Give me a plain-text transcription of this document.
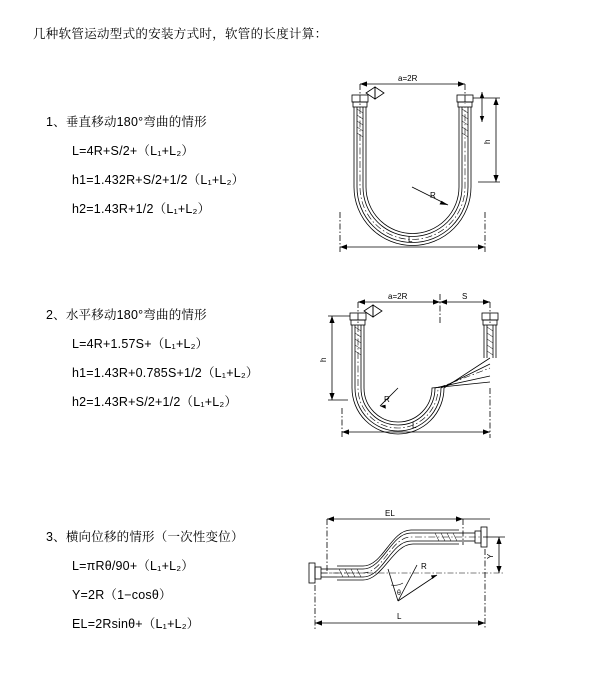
几种软管运动型式的安装方式时，软管的长度计算：
1、垂直移动180°弯曲的情形
L=4R+S/2+（L₁+L₂）
h1=1.432R+S/2+1/2（L₁+L₂）
h2=1.43R+1/2（L₁+L₂）
a=2R
R
h
L
2、水平移动180°弯曲的情形
L=4R+1.57S+（L₁+L₂）
h1=1.43R+0.785S+1/2（L₁+L₂）
h2=1.43R+S/2+1/2（L₁+L₂）
a=2R	S
R
h
L
3、横向位移的情形（一次性变位）
L=πRθ/90+（L₁+L₂）
Y=2R（1−cosθ）
EL=2Rsinθ+（L₁+L₂）
EL
Y
L
R
θ
